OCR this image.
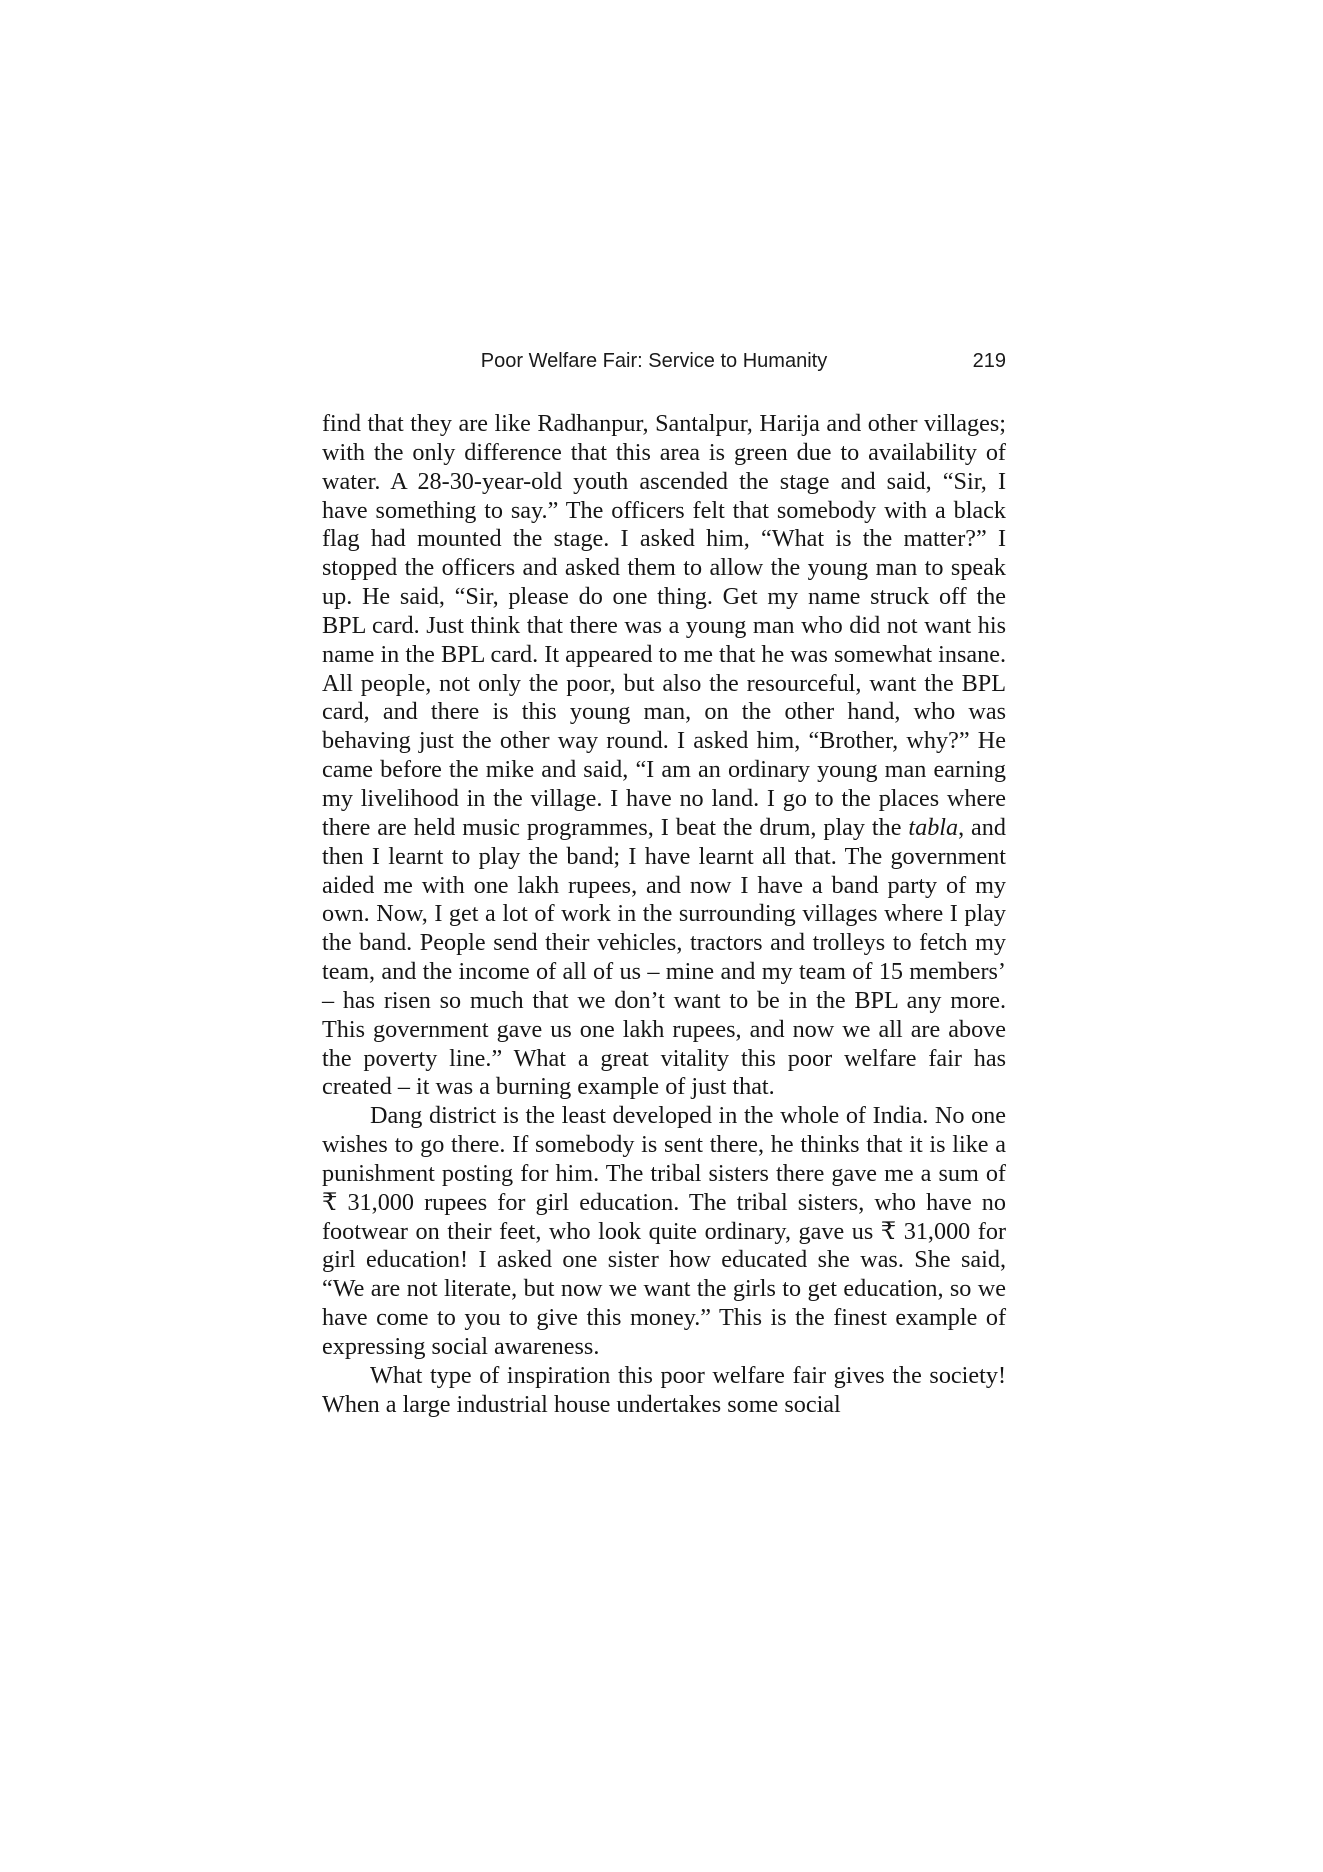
Poor Welfare Fair: Service to Humanity	219

find that they are like Radhanpur, Santalpur, Harija and other villages; with the only difference that this area is green due to availability of water. A 28-30-year-old youth ascended the stage and said, “Sir, I have something to say.” The officers felt that somebody with a black flag had mounted the stage. I asked him, “What is the matter?” I stopped the officers and asked them to allow the young man to speak up. He said, “Sir, please do one thing. Get my name struck off the BPL card. Just think that there was a young man who did not want his name in the BPL card. It appeared to me that he was somewhat insane. All people, not only the poor, but also the resourceful, want the BPL card, and there is this young man, on the other hand, who was behaving just the other way round. I asked him, “Brother, why?” He came before the mike and said, “I am an ordinary young man earning my livelihood in the village. I have no land. I go to the places where there are held music programmes, I beat the drum, play the tabla, and then I learnt to play the band; I have learnt all that. The government aided me with one lakh rupees, and now I have a band party of my own. Now, I get a lot of work in the surrounding villages where I play the band. People send their vehicles, tractors and trolleys to fetch my team, and the income of all of us – mine and my team of 15 members’ – has risen so much that we don’t want to be in the BPL any more. This government gave us one lakh rupees, and now we all are above the poverty line.” What a great vitality this poor welfare fair has created – it was a burning example of just that.

Dang district is the least developed in the whole of India. No one wishes to go there. If somebody is sent there, he thinks that it is like a punishment posting for him. The tribal sisters there gave me a sum of ₹ 31,000 rupees for girl education. The tribal sisters, who have no footwear on their feet, who look quite ordinary, gave us ₹ 31,000 for girl education! I asked one sister how educated she was. She said, “We are not literate, but now we want the girls to get education, so we have come to you to give this money.” This is the finest example of expressing social awareness.

What type of inspiration this poor welfare fair gives the society! When a large industrial house undertakes some social
